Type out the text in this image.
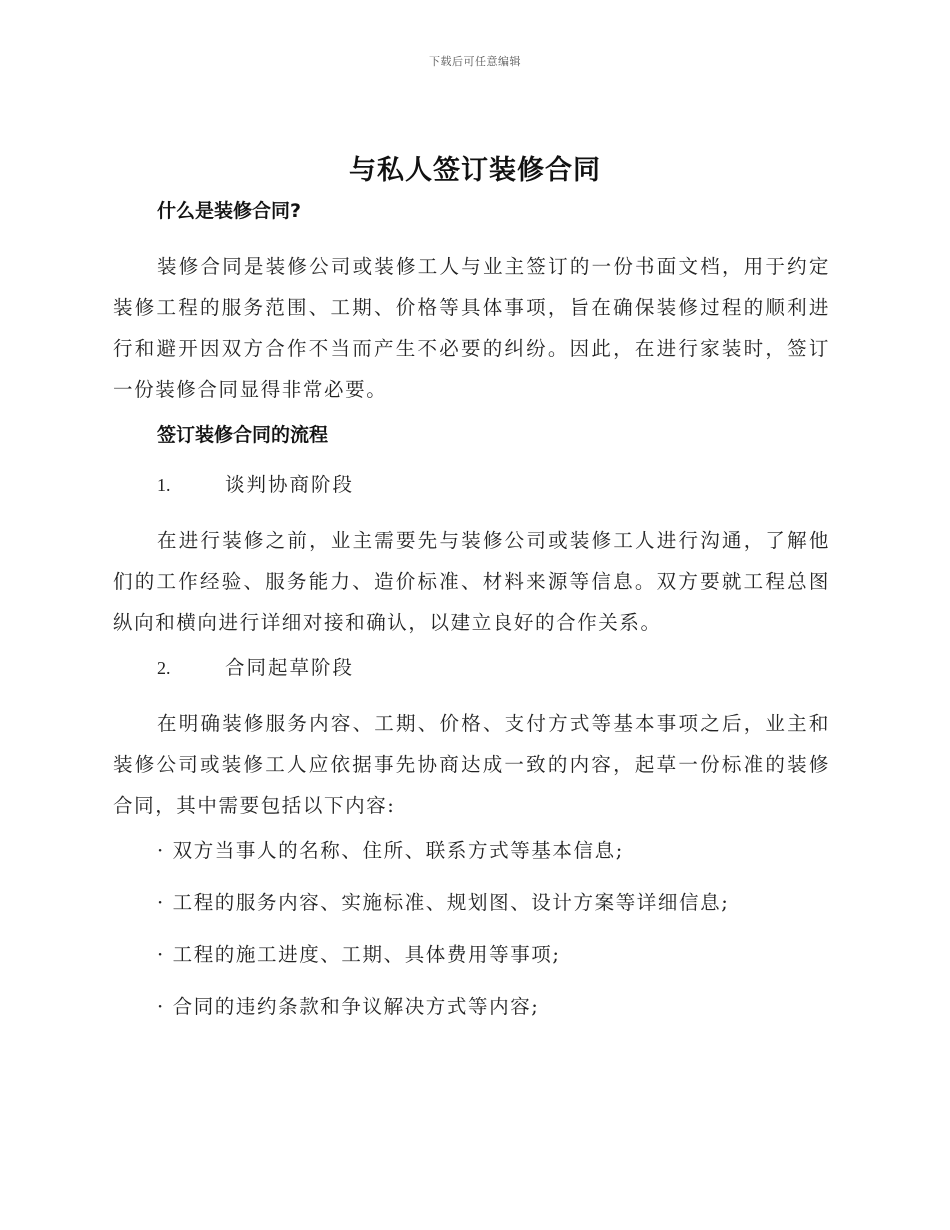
下载后可任意编辑
与私人签订装修合同
什么是装修合同?
装修合同是装修公司或装修工人与业主签订的一份书面文档，用于约定装修工程的服务范围、工期、价格等具体事项，旨在确保装修过程的顺利进行和避开因双方合作不当而产生不必要的纠纷。因此，在进行家装时，签订一份装修合同显得非常必要。
签订装修合同的流程
1.	谈判协商阶段
在进行装修之前，业主需要先与装修公司或装修工人进行沟通，了解他们的工作经验、服务能力、造价标准、材料来源等信息。双方要就工程总图纵向和横向进行详细对接和确认，以建立良好的合作关系。
2.	合同起草阶段
在明确装修服务内容、工期、价格、支付方式等基本事项之后，业主和装修公司或装修工人应依据事先协商达成一致的内容，起草一份标准的装修合同，其中需要包括以下内容:
· 双方当事人的名称、住所、联系方式等基本信息;
· 工程的服务内容、实施标准、规划图、设计方案等详细信息;
· 工程的施工进度、工期、具体费用等事项;
· 合同的违约条款和争议解决方式等内容;
